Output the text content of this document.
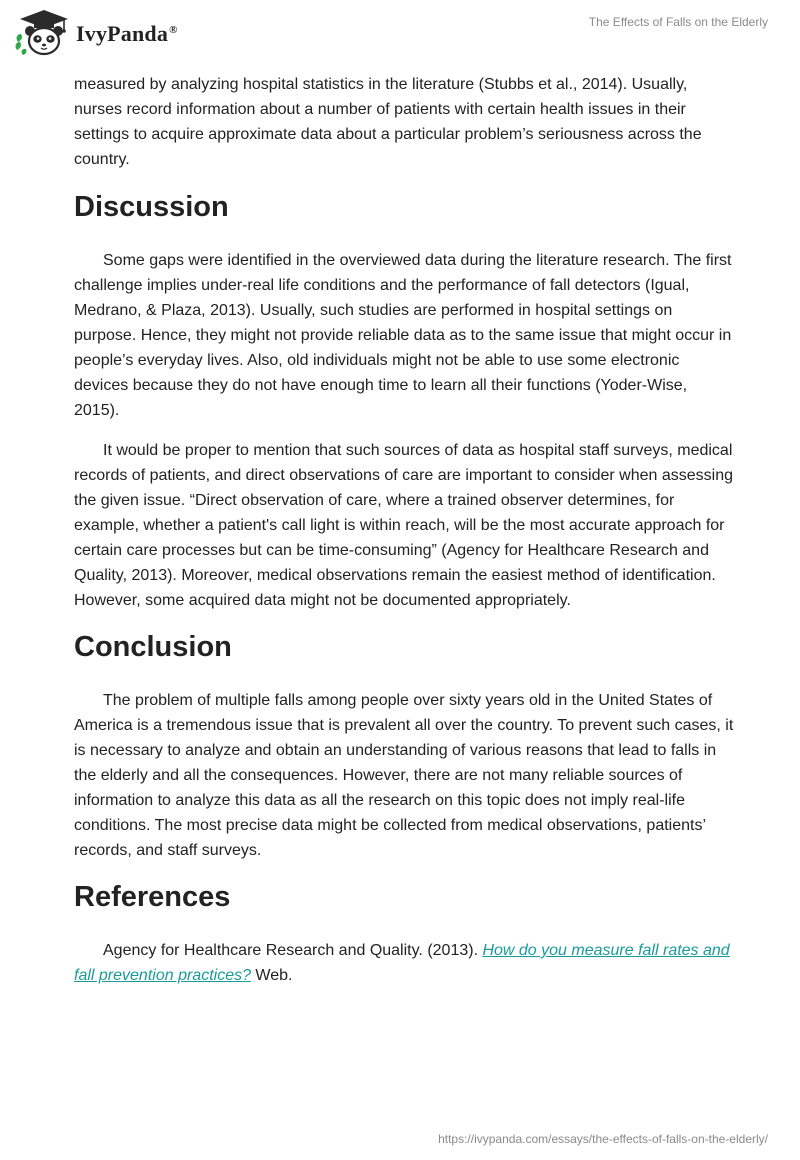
IvyPanda®
The Effects of Falls on the Elderly

measured by analyzing hospital statistics in the literature (Stubbs et al., 2014). Usually, nurses record information about a number of patients with certain health issues in their settings to acquire approximate data about a particular problem’s seriousness across the country.

Discussion

Some gaps were identified in the overviewed data during the literature research. The first challenge implies under-real life conditions and the performance of fall detectors (Igual, Medrano, & Plaza, 2013). Usually, such studies are performed in hospital settings on purpose. Hence, they might not provide reliable data as to the same issue that might occur in people’s everyday lives. Also, old individuals might not be able to use some electronic devices because they do not have enough time to learn all their functions (Yoder-Wise, 2015).

It would be proper to mention that such sources of data as hospital staff surveys, medical records of patients, and direct observations of care are important to consider when assessing the given issue. “Direct observation of care, where a trained observer determines, for example, whether a patient's call light is within reach, will be the most accurate approach for certain care processes but can be time-consuming” (Agency for Healthcare Research and Quality, 2013). Moreover, medical observations remain the easiest method of identification. However, some acquired data might not be documented appropriately.

Conclusion

The problem of multiple falls among people over sixty years old in the United States of America is a tremendous issue that is prevalent all over the country. To prevent such cases, it is necessary to analyze and obtain an understanding of various reasons that lead to falls in the elderly and all the consequences. However, there are not many reliable sources of information to analyze this data as all the research on this topic does not imply real-life conditions. The most precise data might be collected from medical observations, patients’ records, and staff surveys.

References

Agency for Healthcare Research and Quality. (2013). How do you measure fall rates and fall prevention practices? Web.

https://ivypanda.com/essays/the-effects-of-falls-on-the-elderly/
